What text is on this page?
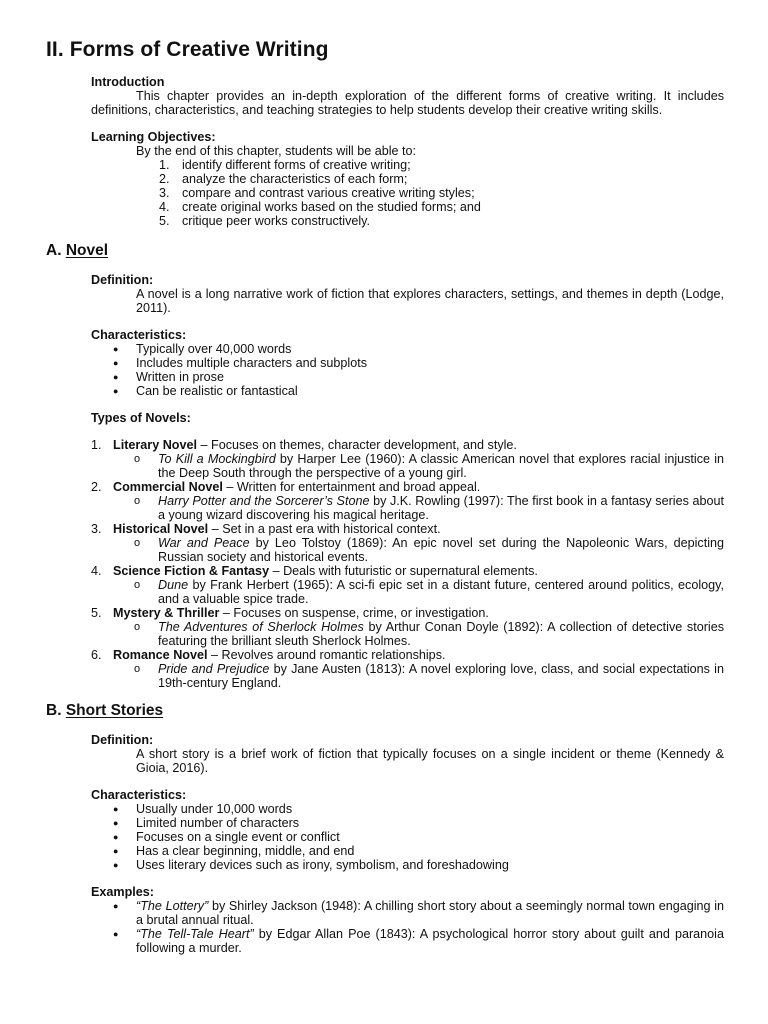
II. Forms of Creative Writing
Introduction
This chapter provides an in-depth exploration of the different forms of creative writing. It includes definitions, characteristics, and teaching strategies to help students develop their creative writing skills.
Learning Objectives:
By the end of this chapter, students will be able to:
1. identify different forms of creative writing;
2. analyze the characteristics of each form;
3. compare and contrast various creative writing styles;
4. create original works based on the studied forms; and
5. critique peer works constructively.
A. Novel
Definition:
A novel is a long narrative work of fiction that explores characters, settings, and themes in depth (Lodge, 2011).
Characteristics:
●	Typically over 40,000 words
●	Includes multiple characters and subplots
●	Written in prose
●	Can be realistic or fantastical
Types of Novels:
1. Literary Novel – Focuses on themes, character development, and style.
o	To Kill a Mockingbird by Harper Lee (1960): A classic American novel that explores racial injustice in the Deep South through the perspective of a young girl.
2. Commercial Novel – Written for entertainment and broad appeal.
o	Harry Potter and the Sorcerer’s Stone by J.K. Rowling (1997): The first book in a fantasy series about a young wizard discovering his magical heritage.
3. Historical Novel – Set in a past era with historical context.
o	War and Peace by Leo Tolstoy (1869): An epic novel set during the Napoleonic Wars, depicting Russian society and historical events.
4. Science Fiction & Fantasy – Deals with futuristic or supernatural elements.
o	Dune by Frank Herbert (1965): A sci-fi epic set in a distant future, centered around politics, ecology, and a valuable spice trade.
5. Mystery & Thriller – Focuses on suspense, crime, or investigation.
o	The Adventures of Sherlock Holmes by Arthur Conan Doyle (1892): A collection of detective stories featuring the brilliant sleuth Sherlock Holmes.
6. Romance Novel – Revolves around romantic relationships.
o	Pride and Prejudice by Jane Austen (1813): A novel exploring love, class, and social expectations in 19th-century England.
B. Short Stories
Definition:
A short story is a brief work of fiction that typically focuses on a single incident or theme (Kennedy & Gioia, 2016).
Characteristics:
●	Usually under 10,000 words
●	Limited number of characters
●	Focuses on a single event or conflict
●	Has a clear beginning, middle, and end
●	Uses literary devices such as irony, symbolism, and foreshadowing
Examples:
●	“The Lottery” by Shirley Jackson (1948): A chilling short story about a seemingly normal town engaging in a brutal annual ritual.
●	“The Tell-Tale Heart” by Edgar Allan Poe (1843): A psychological horror story about guilt and paranoia following a murder.
